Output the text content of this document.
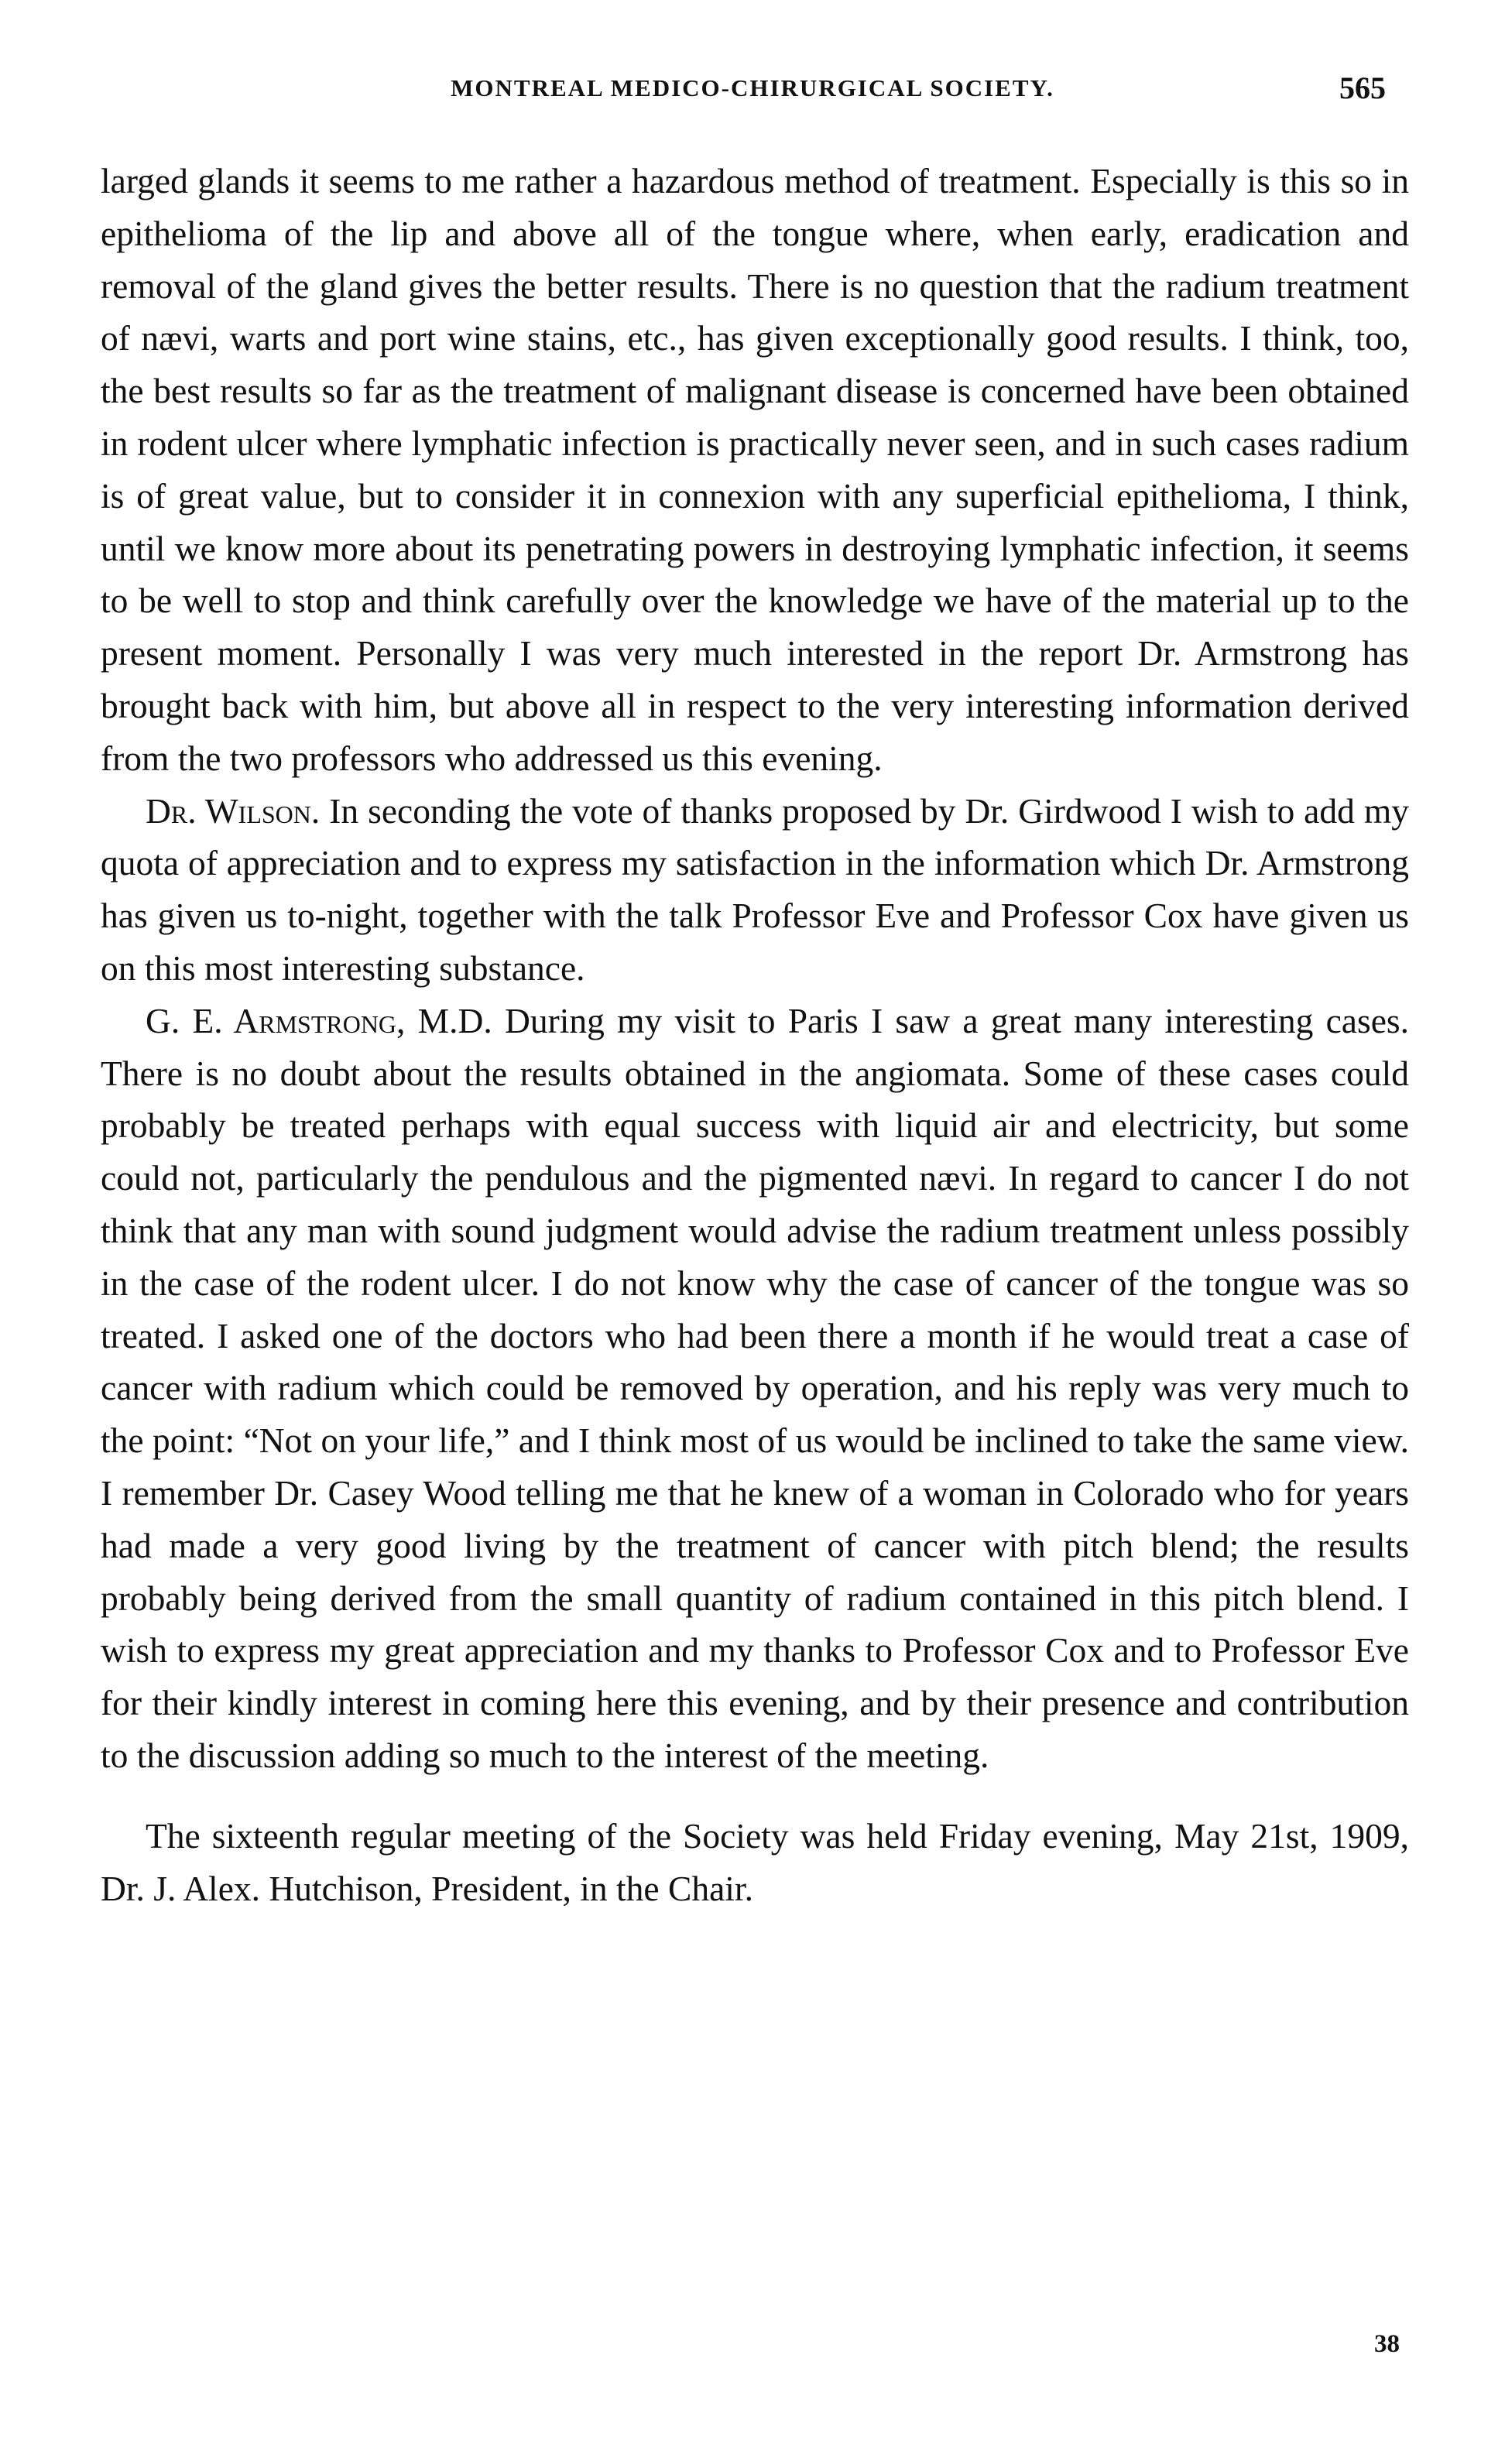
MONTREAL MEDICO-CHIRURGICAL SOCIETY.	565

larged glands it seems to me rather a hazardous method of treatment. Especially is this so in epithelioma of the lip and above all of the tongue where, when early, eradication and removal of the gland gives the better results. There is no question that the radium treatment of nævi, warts and port wine stains, etc., has given exceptionally good results. I think, too, the best results so far as the treatment of malignant disease is concerned have been obtained in rodent ulcer where lymphatic infection is practically never seen, and in such cases radium is of great value, but to consider it in connexion with any superficial epithelioma, I think, until we know more about its penetrating powers in destroying lymphatic infection, it seems to be well to stop and think carefully over the knowledge we have of the material up to the present moment. Personally I was very much interested in the report Dr. Armstrong has brought back with him, but above all in respect to the very interesting information derived from the two professors who addressed us this evening.

Dr. Wilson. In seconding the vote of thanks proposed by Dr. Girdwood I wish to add my quota of appreciation and to express my satisfaction in the information which Dr. Armstrong has given us to-night, together with the talk Professor Eve and Professor Cox have given us on this most interesting substance.

G. E. Armstrong, M.D. During my visit to Paris I saw a great many interesting cases. There is no doubt about the results obtained in the angiomata. Some of these cases could probably be treated perhaps with equal success with liquid air and electricity, but some could not, particularly the pendulous and the pigmented nævi. In regard to cancer I do not think that any man with sound judgment would advise the radium treatment unless possibly in the case of the rodent ulcer. I do not know why the case of cancer of the tongue was so treated. I asked one of the doctors who had been there a month if he would treat a case of cancer with radium which could be removed by operation, and his reply was very much to the point: “Not on your life,” and I think most of us would be inclined to take the same view. I remember Dr. Casey Wood telling me that he knew of a woman in Colorado who for years had made a very good living by the treatment of cancer with pitch blend; the results probably being derived from the small quantity of radium contained in this pitch blend. I wish to express my great appreciation and my thanks to Professor Cox and to Professor Eve for their kindly interest in coming here this evening, and by their presence and contribution to the discussion adding so much to the interest of the meeting.

The sixteenth regular meeting of the Society was held Friday evening, May 21st, 1909, Dr. J. Alex. Hutchison, President, in the Chair.

38
